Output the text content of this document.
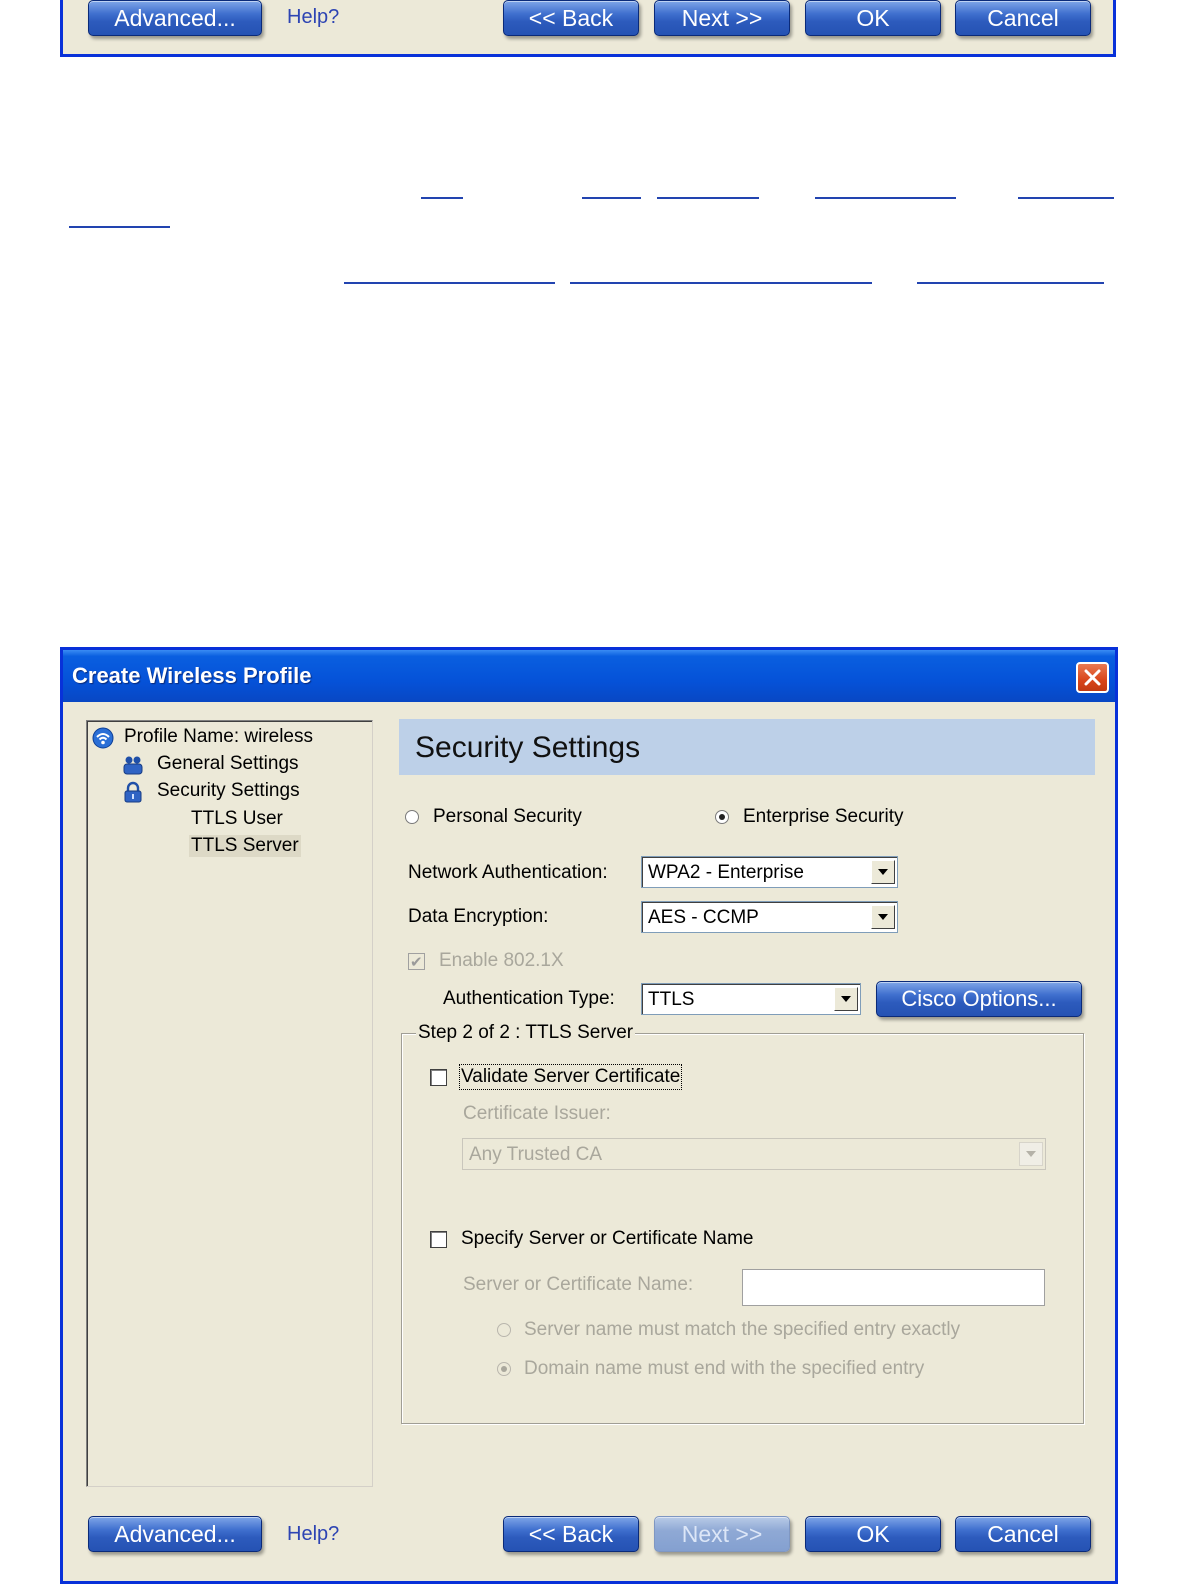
Advanced...	Help?	<< Back	Next >>	OK	Cancel
Create Wireless Profile
Profile Name: wireless
General Settings
Security Settings
TTLS User
TTLS Server
Security Settings
Personal Security	Enterprise Security
Network Authentication: WPA2 - Enterprise
Data Encryption:	AES - CCMP
✔ Enable 802.1X
Authentication Type: TTLS	Cisco Options...
Step 2 of 2 : TTLS Server
Validate Server Certificate
Certificate Issuer:
Any Trusted CA
Specify Server or Certificate Name
Server or Certificate Name:
Server name must match the specified entry exactly
Domain name must end with the specified entry
Advanced...	Help?	<< Back	Next >>	OK	Cancel
